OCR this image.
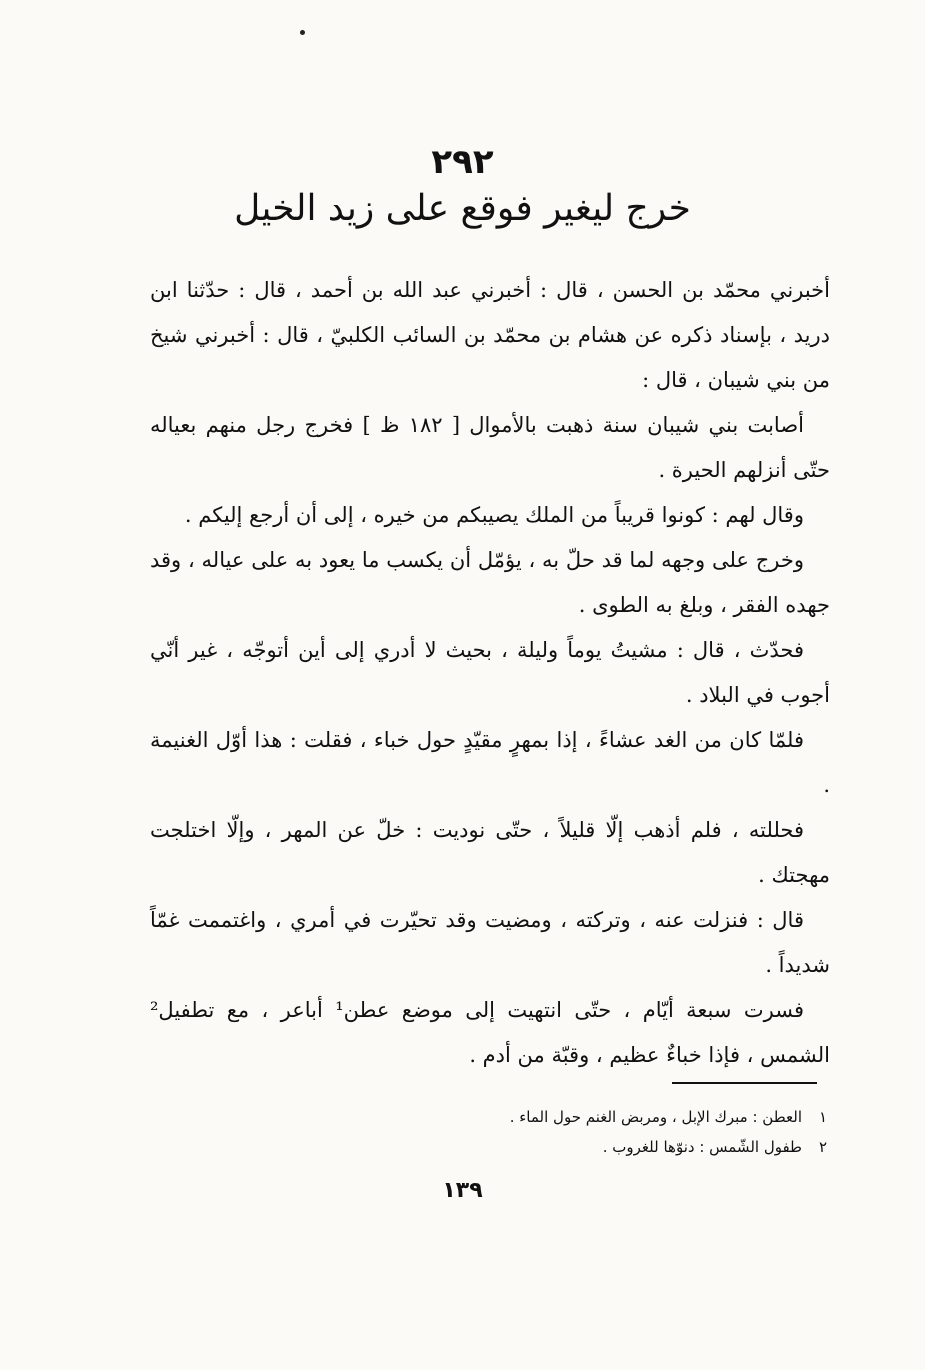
٢٩٢
خرج ليغير فوقع على زيد الخيل

أخبرني محمّد بن الحسن ، قال : أخبرني عبد الله بن أحمد ، قال : حدّثنا ابن دريد ، بإسناد ذكره عن هشام بن محمّد بن السائب الكلبيّ ، قال : أخبرني شيخ من بني شيبان ، قال :

أصابت بني شيبان سنة ذهبت بالأموال [ ١٨٢ ظ ] فخرج رجل منهم بعياله حتّى أنزلهم الحيرة .

وقال لهم : كونوا قريباً من الملك يصيبكم من خيره ، إلى أن أرجع إليكم .

وخرج على وجهه لما قد حلّ به ، يؤمّل أن يكسب ما يعود به على عياله ، وقد جهده الفقر ، وبلغ به الطوى .

فحدّث ، قال : مشيتُ يوماً وليلة ، بحيث لا أدري إلى أين أتوجّه ، غير أنّي أجوب في البلاد .

فلمّا كان من الغد عشاءً ، إذا بمهرٍ مقيّدٍ حول خباء ، فقلت : هذا أوّل الغنيمة .

فحللته ، فلم أذهب إلّا قليلاً ، حتّى نوديت : خلّ عن المهر ، وإلّا اختلجت مهجتك .

قال : فنزلت عنه ، وتركته ، ومضيت وقد تحيّرت في أمري ، واغتممت غمّاً شديداً .

فسرت سبعة أيّام ، حتّى انتهيت إلى موضع عطن¹ أباعر ، مع تطفيل² الشمس ، فإذا خباءٌ عظيم ، وقبّة من أدم .

١
العطن : مبرك الإبل ، ومربض الغنم حول الماء .
٢
طفول الشّمس : دنوّها للغروب .
١٣٩
